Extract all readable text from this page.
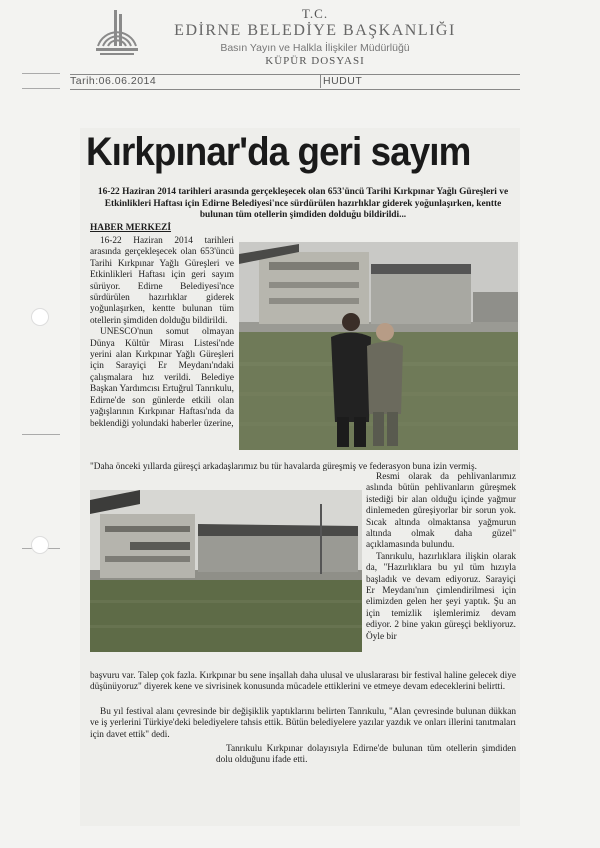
T.C.
EDİRNE BELEDİYE BAŞKANLIĞI
Basın Yayın ve Halkla İlişkiler Müdürlüğü
KÜPÜR DOSYASI
Tarih:06.06.2014	HUDUT
Kırkpınar'da geri sayım
16-22 Haziran 2014 tarihleri arasında gerçekleşecek olan 653'üncü Tarihi Kırkpınar Yağlı Güreşleri ve Etkinlikleri Haftası için Edirne Belediyesi'nce sürdürülen hazırlıklar giderek yoğunlaşırken, kentte bulunan tüm otellerin şimdiden dolduğu bildirildi...
HABER MERKEZİ

16-22 Haziran 2014 tarihleri arasında gerçekleşecek olan 653'üncü Tarihi Kırkpınar Yağlı Güreşleri ve Etkinlikleri Haftası için geri sayım sürüyor. Edirne Belediyesi'nce sürdürülen hazırlıklar giderek yoğunlaşırken, kentte bulunan tüm otellerin şimdiden dolduğu bildirildi.

UNESCO'nun somut olmayan Dünya Kültür Mirası Listesi'nde yerini alan Kırkpınar Yağlı Güreşleri için Sarayiçi Er Meydanı'ndaki çalışmalara hız verildi. Belediye Başkan Yardımcısı Ertuğrul Tanrıkulu, Edirne'de son günlerde etkili olan yağışlarının Kırkpınar Haftası'nda da beklendiği yolundaki haberler üzerine,

"Daha önceki yıllarda güreşçi arkadaşlarımız bu tür havalarda güreşmiş ve federasyon buna izin vermiş.

Resmi olarak da pehlivanlarımız aslında bütün pehlivanların güreşmek istediği bir alan olduğu içinde yağmur dinlemeden güreşiyorlar bir sorun yok. Sıcak altında olmaktansa yağmurun altında olmak daha güzel" açıklamasında bulundu.

Tanrıkulu, hazırlıklara ilişkin olarak da, "Hazırlıklara bu yıl tüm hızıyla başladık ve devam ediyoruz. Sarayiçi Er Meydanı'nın çimlendirilmesi için elimizden gelen her şeyi yaptık. Şu an için temizlik işlemlerimiz devam ediyor. 2 bine yakın güreşçi bekliyoruz. Öyle bir

başvuru var. Talep çok fazla. Kırkpınar bu sene inşallah daha ulusal ve uluslararası bir festival haline gelecek diye düşünüyoruz" diyerek kene ve sivrisinek konusunda mücadele ettiklerini ve etmeye devam edeceklerini belirtti.
Bu yıl festival alanı çevresinde bir değişiklik yaptıklarını belirten Tanrıkulu, "Alan çevresinde bulunan dükkan ve iş yerlerini Türkiye'deki belediyelere tahsis ettik. Bütün belediyelere yazılar yazdık ve onları illerini tanıtmaları için davet ettik" dedi.
Tanrıkulu Kırkpınar dolayısıyla Edirne'de bulunan tüm otellerin şimdiden dolu olduğunu ifade etti.
